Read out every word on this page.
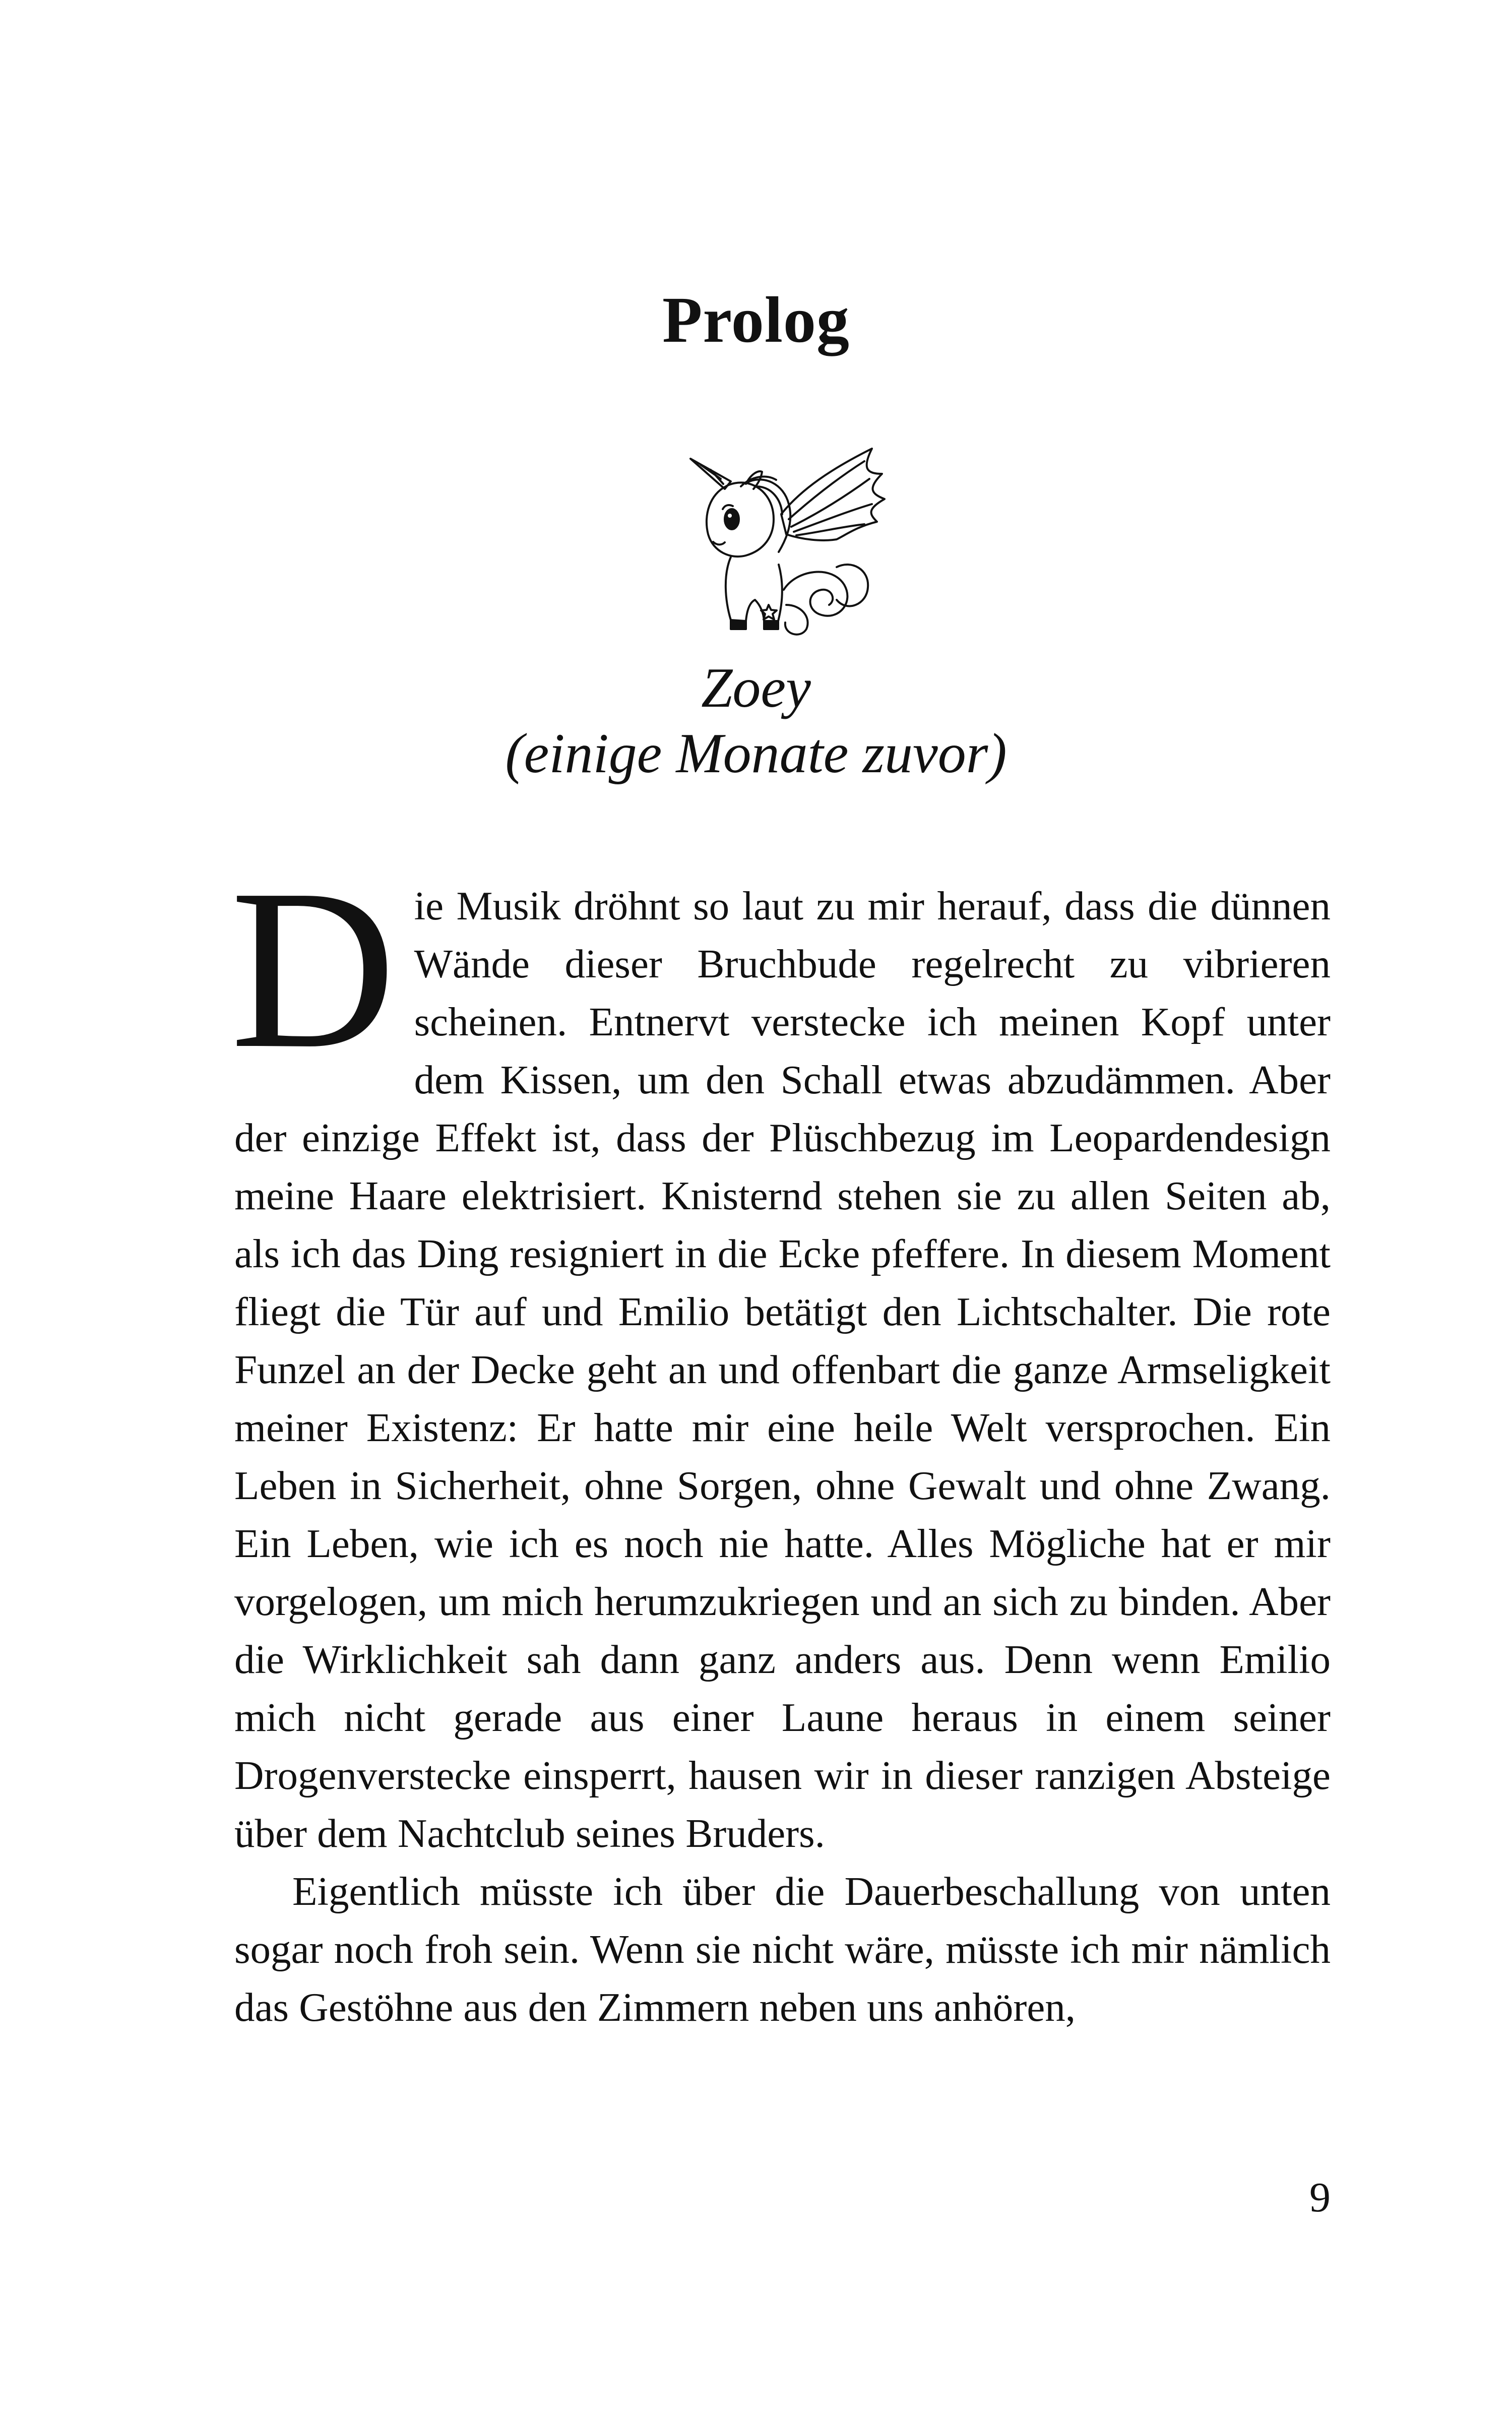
Prolog
Zoey
(einige Monate zuvor)

Die Musik dröhnt so laut zu mir herauf, dass die dünnen Wände dieser Bruchbude regelrecht zu vibrieren scheinen. Entnervt verstecke ich meinen Kopf unter dem Kissen, um den Schall etwas abzudämmen. Aber der einzige Effekt ist, dass der Plüschbezug im Leopardendesign meine Haare elektrisiert. Knisternd stehen sie zu allen Seiten ab, als ich das Ding resigniert in die Ecke pfeffere. In diesem Moment fliegt die Tür auf und Emilio betätigt den Lichtschalter. Die rote Funzel an der Decke geht an und offenbart die ganze Armseligkeit meiner Existenz: Er hatte mir eine heile Welt versprochen. Ein Leben in Sicherheit, ohne Sorgen, ohne Gewalt und ohne Zwang. Ein Leben, wie ich es noch nie hatte. Alles Mögliche hat er mir vorgelogen, um mich herumzukriegen und an sich zu binden. Aber die Wirklichkeit sah dann ganz anders aus. Denn wenn Emilio mich nicht gerade aus einer Laune heraus in einem seiner Drogenverstecke einsperrt, hausen wir in dieser ranzigen Absteige über dem Nachtclub seines Bruders.

Eigentlich müsste ich über die Dauerbeschallung von unten sogar noch froh sein. Wenn sie nicht wäre, müsste ich mir nämlich das Gestöhne aus den Zimmern neben uns anhören,

9
